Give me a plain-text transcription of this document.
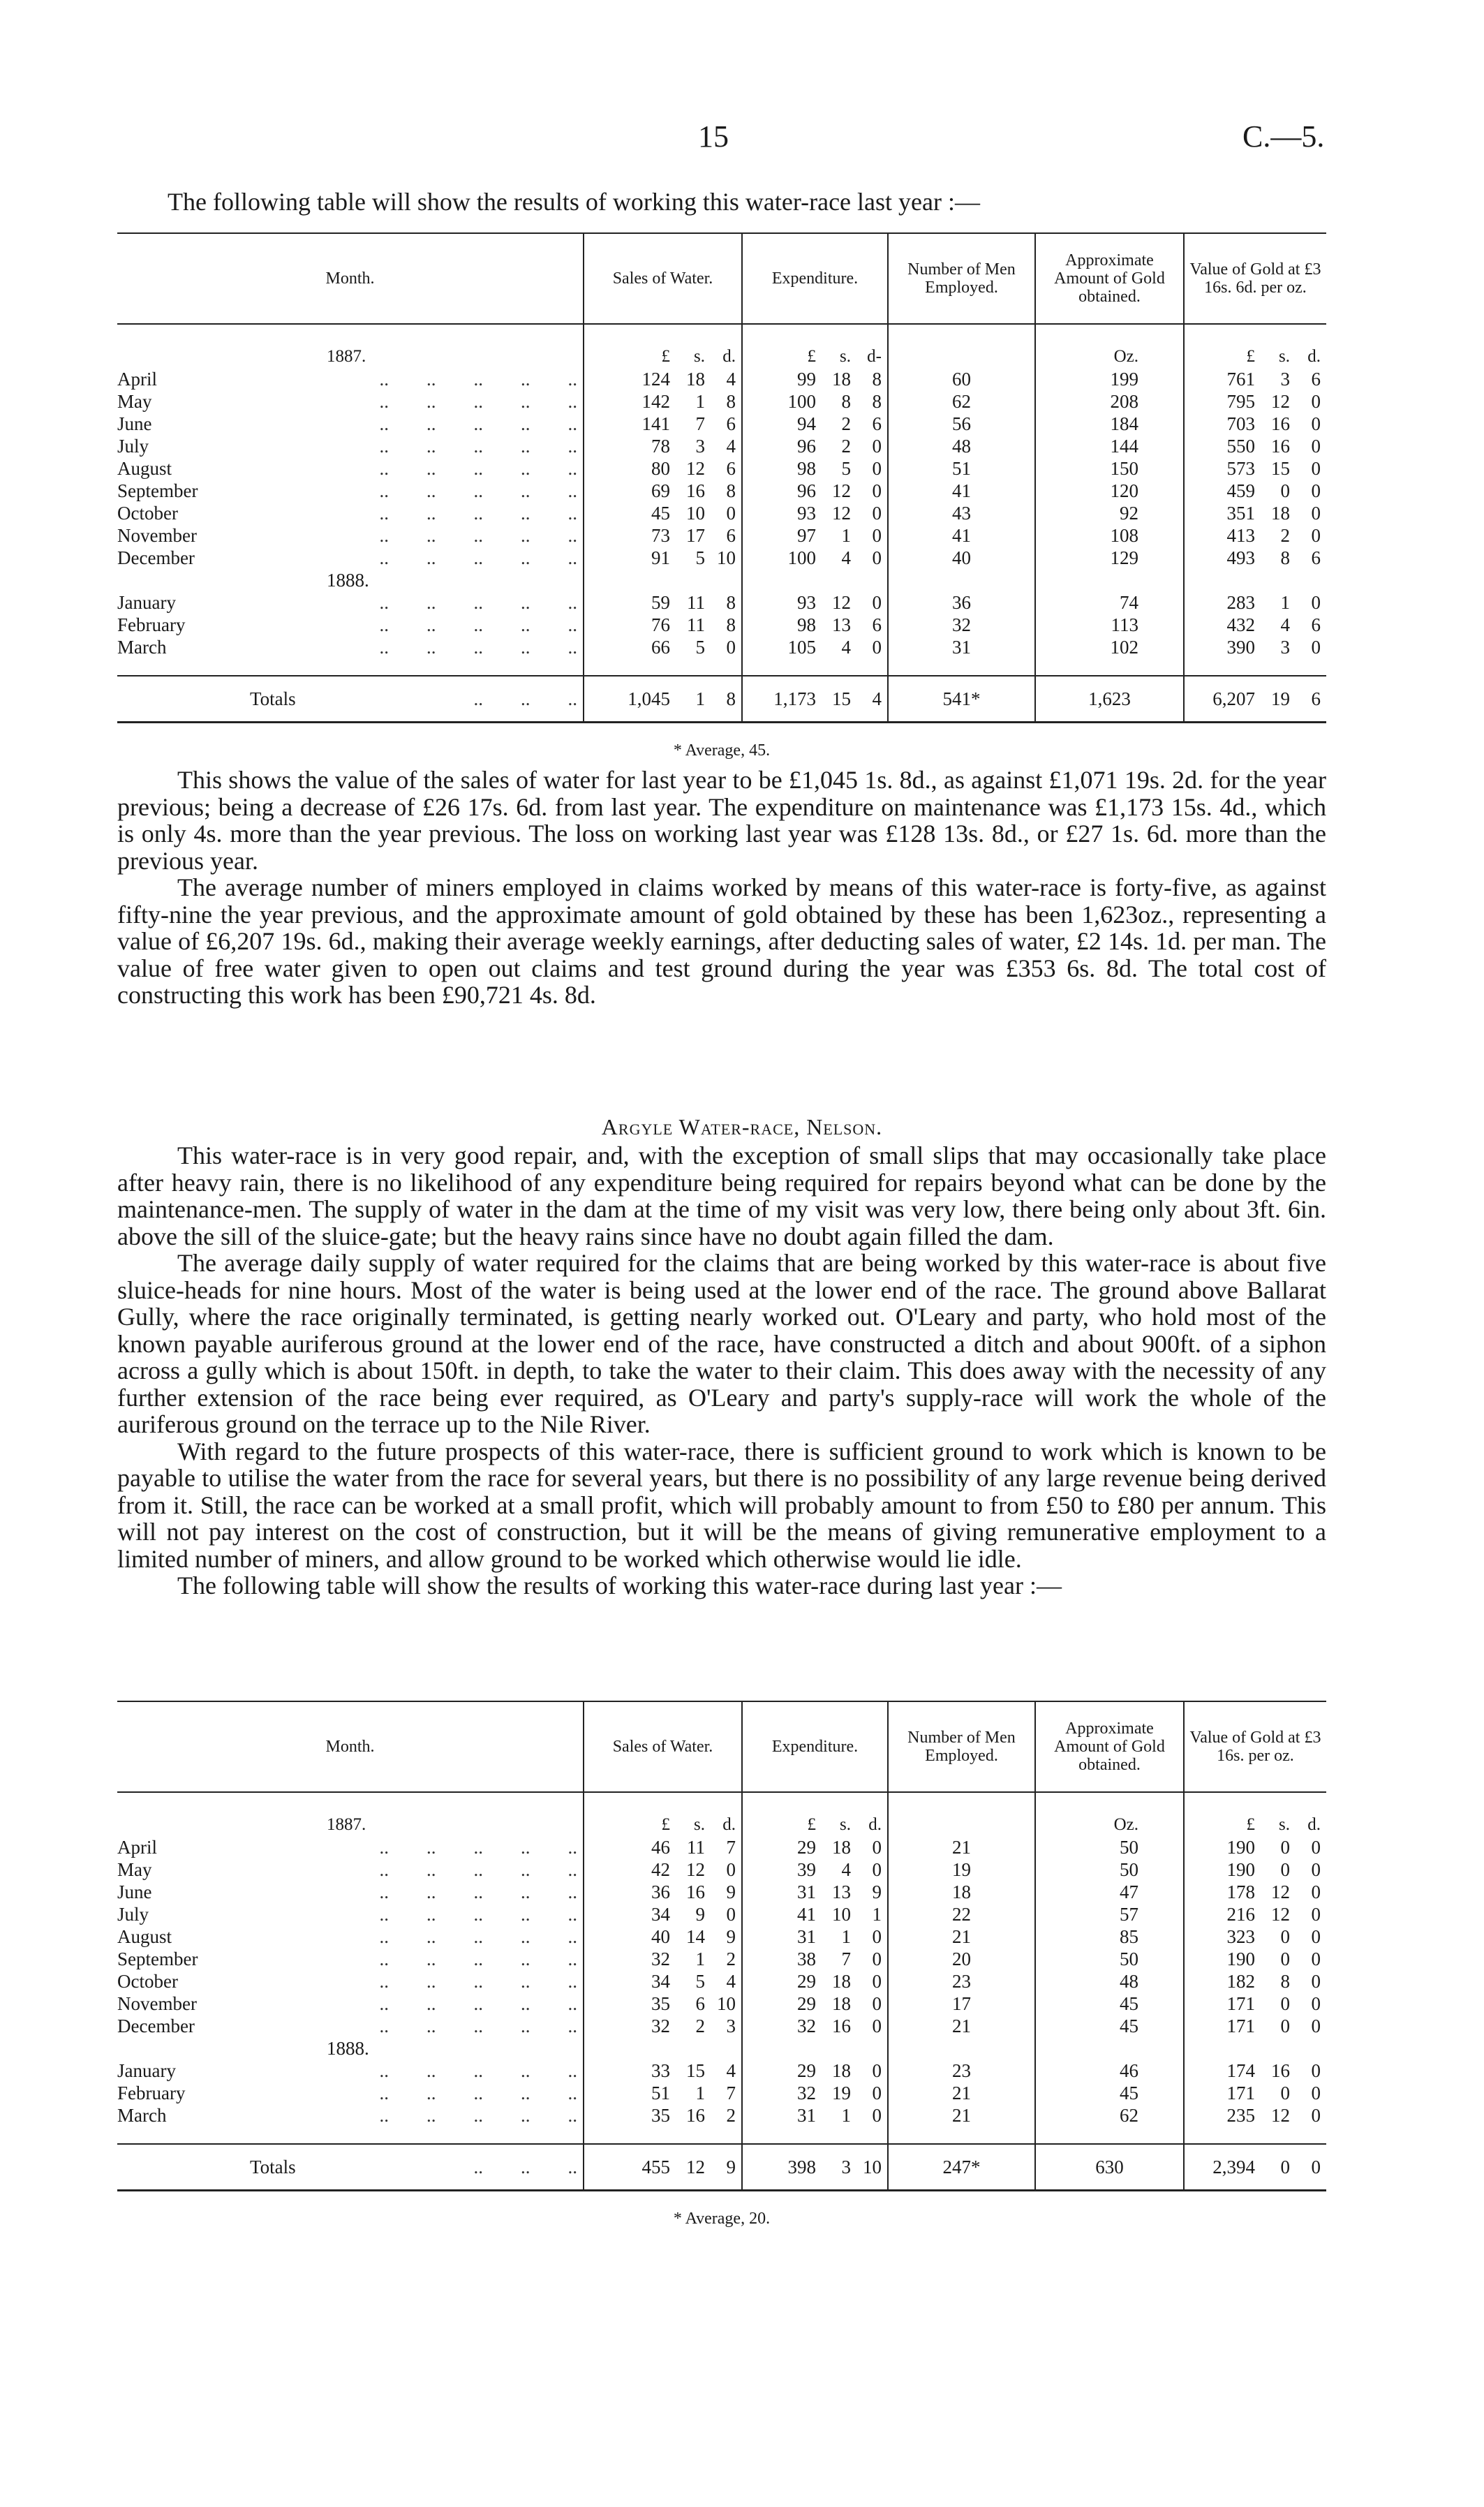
15	C.—5.
The following table will show the results of working this water-race last year :—
Month.	Sales of Water.	Expenditure.	Number of Men Employed.	Approximate Amount of Gold obtained.	Value of Gold at £3 16s. 6d. per oz.

1887.	£ s. d.	£ s. d-		Oz.	£ s. d.

April ..        ..        ..        ..        ..	124 18 4	99 18 8	60	199	761 3 6

May ..        ..        ..        ..        ..	142 1 8	100 8 8	62	208	795 12 0

June ..        ..        ..        ..        ..	141 7 6	94 2 6	56	184	703 16 0

July ..        ..        ..        ..        ..	78 3 4	96 2 0	48	144	550 16 0

August ..        ..        ..        ..        ..	80 12 6	98 5 0	51	150	573 15 0

September ..        ..        ..        ..        ..	69 16 8	96 12 0	41	120	459 0 0

October ..        ..        ..        ..        ..	45 10 0	93 12 0	43	92	351 18 0

November ..        ..        ..        ..        ..	73 17 6	97 1 0	41	108	413 2 0

December ..        ..        ..        ..        ..	91 5 10	100 4 0	40	129	493 8 6

1888.					

January ..        ..        ..        ..        ..	59 11 8	93 12 0	36	74	283 1 0

February ..        ..        ..        ..        ..	76 11 8	98 13 6	32	113	432 4 6

March ..        ..        ..        ..        ..	66 5 0	105 4 0	31	102	390 3 0

Totals ..        ..        ..	1,045 1 8	1,173 15 4	541*	1,623	6,207 19 6
* Average, 45.

This shows the value of the sales of water for last year to be £1,045 1s. 8d., as against £1,071 19s. 2d. for the year previous; being a decrease of £26 17s. 6d. from last year. The expenditure on maintenance was £1,173 15s. 4d., which is only 4s. more than the year previous. The loss on working last year was £128 13s. 8d., or £27 1s. 6d. more than the previous year.

The average number of miners employed in claims worked by means of this water-race is forty-five, as against fifty-nine the year previous, and the approximate amount of gold obtained by these has been 1,623oz., representing a value of £6,207 19s. 6d., making their average weekly earnings, after deducting sales of water, £2 14s. 1d. per man. The value of free water given to open out claims and test ground during the year was £353 6s. 8d. The total cost of constructing this work has been £90,721 4s. 8d.

Argyle Water-race, Nelson.

This water-race is in very good repair, and, with the exception of small slips that may occasionally take place after heavy rain, there is no likelihood of any expenditure being required for repairs beyond what can be done by the maintenance-men. The supply of water in the dam at the time of my visit was very low, there being only about 3ft. 6in. above the sill of the sluice-gate; but the heavy rains since have no doubt again filled the dam.

The average daily supply of water required for the claims that are being worked by this water-race is about five sluice-heads for nine hours. Most of the water is being used at the lower end of the race. The ground above Ballarat Gully, where the race originally terminated, is getting nearly worked out. O'Leary and party, who hold most of the known payable auriferous ground at the lower end of the race, have constructed a ditch and about 900ft. of a siphon across a gully which is about 150ft. in depth, to take the water to their claim. This does away with the necessity of any further extension of the race being ever required, as O'Leary and party's supply-race will work the whole of the auriferous ground on the terrace up to the Nile River.

With regard to the future prospects of this water-race, there is sufficient ground to work which is known to be payable to utilise the water from the race for several years, but there is no possibility of any large revenue being derived from it. Still, the race can be worked at a small profit, which will probably amount to from £50 to £80 per annum. This will not pay interest on the cost of construction, but it will be the means of giving remunerative employment to a limited number of miners, and allow ground to be worked which otherwise would lie idle.

The following table will show the results of working this water-race during last year :—

Month.	Sales of Water.	Expenditure.	Number of Men Employed.	Approximate Amount of Gold obtained.	Value of Gold at £3 16s. per oz.

1887.	£ s. d.	£ s. d.		Oz.	£ s. d.

April ..        ..        ..        ..        ..	46 11 7	29 18 0	21	50	190 0 0

May ..        ..        ..        ..        ..	42 12 0	39 4 0	19	50	190 0 0

June ..        ..        ..        ..        ..	36 16 9	31 13 9	18	47	178 12 0

July ..        ..        ..        ..        ..	34 9 0	41 10 1	22	57	216 12 0

August ..        ..        ..        ..        ..	40 14 9	31 1 0	21	85	323 0 0

September ..        ..        ..        ..        ..	32 1 2	38 7 0	20	50	190 0 0

October ..        ..        ..        ..        ..	34 5 4	29 18 0	23	48	182 8 0

November ..        ..        ..        ..        ..	35 6 10	29 18 0	17	45	171 0 0

December ..        ..        ..        ..        ..	32 2 3	32 16 0	21	45	171 0 0

1888.					

January ..        ..        ..        ..        ..	33 15 4	29 18 0	23	46	174 16 0

February ..        ..        ..        ..        ..	51 1 7	32 19 0	21	45	171 0 0

March ..        ..        ..        ..        ..	35 16 2	31 1 0	21	62	235 12 0

Totals ..        ..        ..	455 12 9	398 3 10	247*	630	2,394 0 0
* Average, 20.
